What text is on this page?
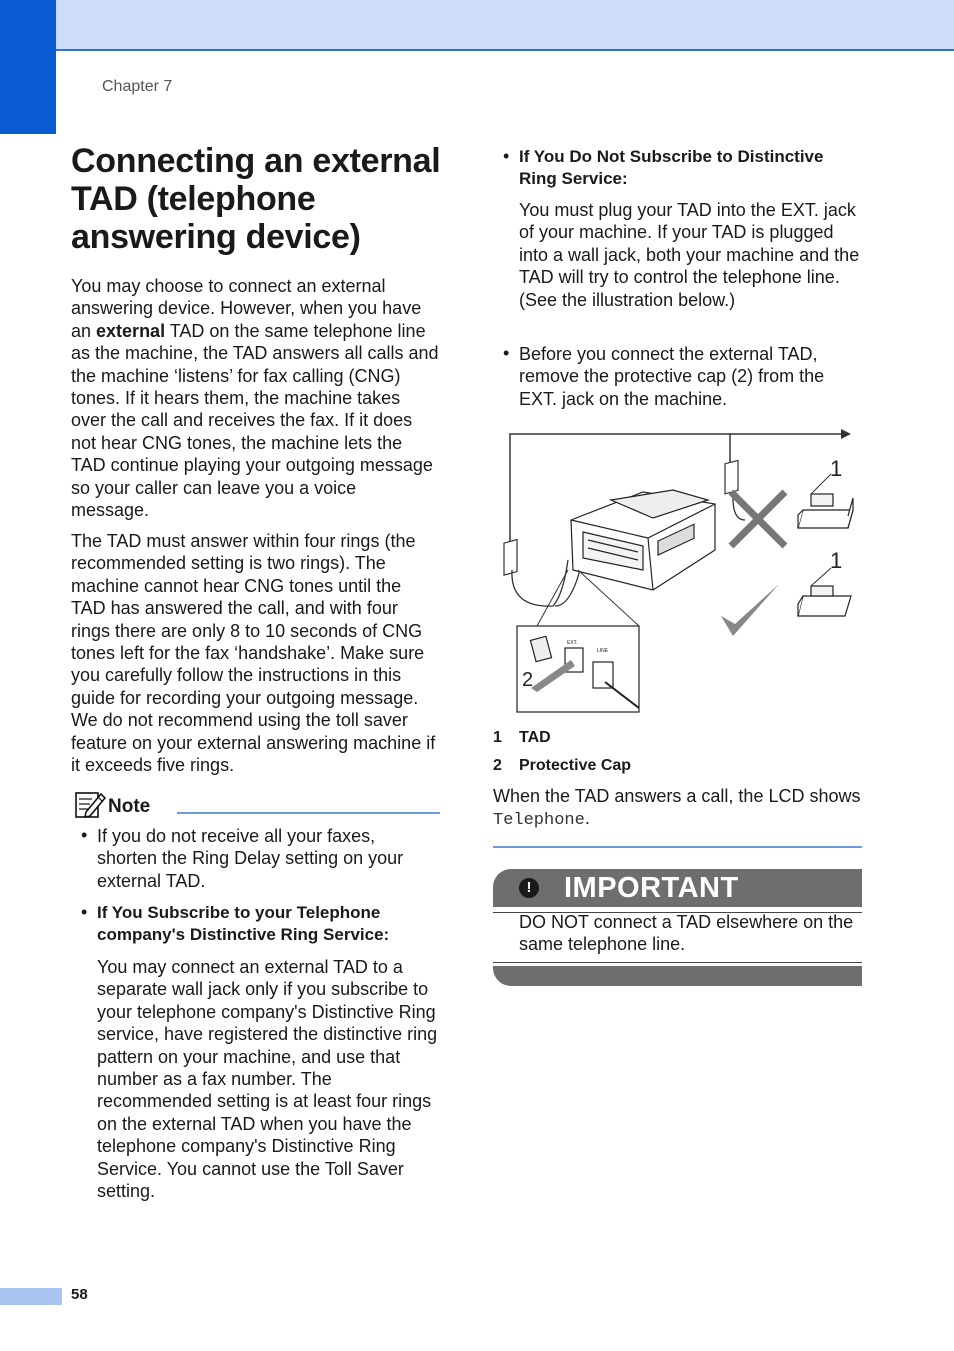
Chapter 7
Connecting an external TAD (telephone answering device)

You may choose to connect an external answering device. However, when you have an external TAD on the same telephone line as the machine, the TAD answers all calls and the machine ‘listens’ for fax calling (CNG) tones. If it hears them, the machine takes over the call and receives the fax. If it does not hear CNG tones, the machine lets the TAD continue playing your outgoing message so your caller can leave you a voice message.

The TAD must answer within four rings (the recommended setting is two rings). The machine cannot hear CNG tones until the TAD has answered the call, and with four rings there are only 8 to 10 seconds of CNG tones left for the fax ‘handshake’. Make sure you carefully follow the instructions in this guide for recording your outgoing message. We do not recommend using the toll saver feature on your external answering machine if it exceeds five rings.

Note
• If you do not receive all your faxes, shorten the Ring Delay setting on your external TAD.

• If You Subscribe to your Telephone company's Distinctive Ring Service:

You may connect an external TAD to a separate wall jack only if you subscribe to your telephone company's Distinctive Ring service, have registered the distinctive ring pattern on your machine, and use that number as a fax number. The recommended setting is at least four rings on the external TAD when you have the telephone company's Distinctive Ring Service. You cannot use the Toll Saver setting.

• If You Do Not Subscribe to Distinctive Ring Service:

You must plug your TAD into the EXT. jack of your machine. If your TAD is plugged into a wall jack, both your machine and the TAD will try to control the telephone line. (See the illustration below.)

• Before you connect the external TAD, remove the protective cap (2) from the EXT. jack on the machine.

1
1
EXT.
LINE
2
1 TAD
2 Protective Cap

When the TAD answers a call, the LCD shows Telephone.

! IMPORTANT

DO NOT connect a TAD elsewhere on the same telephone line.

58
